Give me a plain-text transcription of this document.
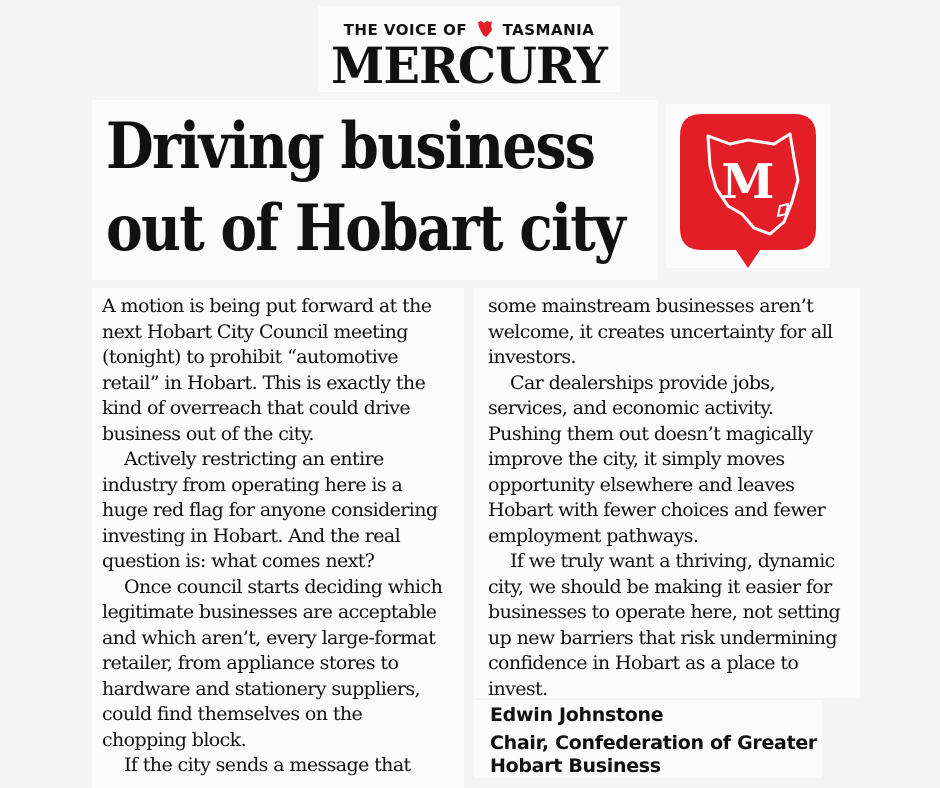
THE VOICE OF TASMANIA
MERCURY
Driving business
out of Hobart city
M

A motion is being put forward at the

next Hobart City Council meeting

(tonight) to prohibit “automotive

retail” in Hobart. This is exactly the

kind of overreach that could drive

business out of the city.

Actively restricting an entire

industry from operating here is a

huge red flag for anyone considering

investing in Hobart. And the real

question is: what comes next?

Once council starts deciding which

legitimate businesses are acceptable

and which aren’t, every large-format

retailer, from appliance stores to

hardware and stationery suppliers,

could find themselves on the

chopping block.

If the city sends a message that

some mainstream businesses aren’t

welcome, it creates uncertainty for all

investors.

Car dealerships provide jobs,

services, and economic activity.

Pushing them out doesn’t magically

improve the city, it simply moves

opportunity elsewhere and leaves

Hobart with fewer choices and fewer

employment pathways.

If we truly want a thriving, dynamic

city, we should be making it easier for

businesses to operate here, not setting

up new barriers that risk undermining

confidence in Hobart as a place to

invest.

Edwin Johnstone

Chair, Confederation of Greater Hobart Business
